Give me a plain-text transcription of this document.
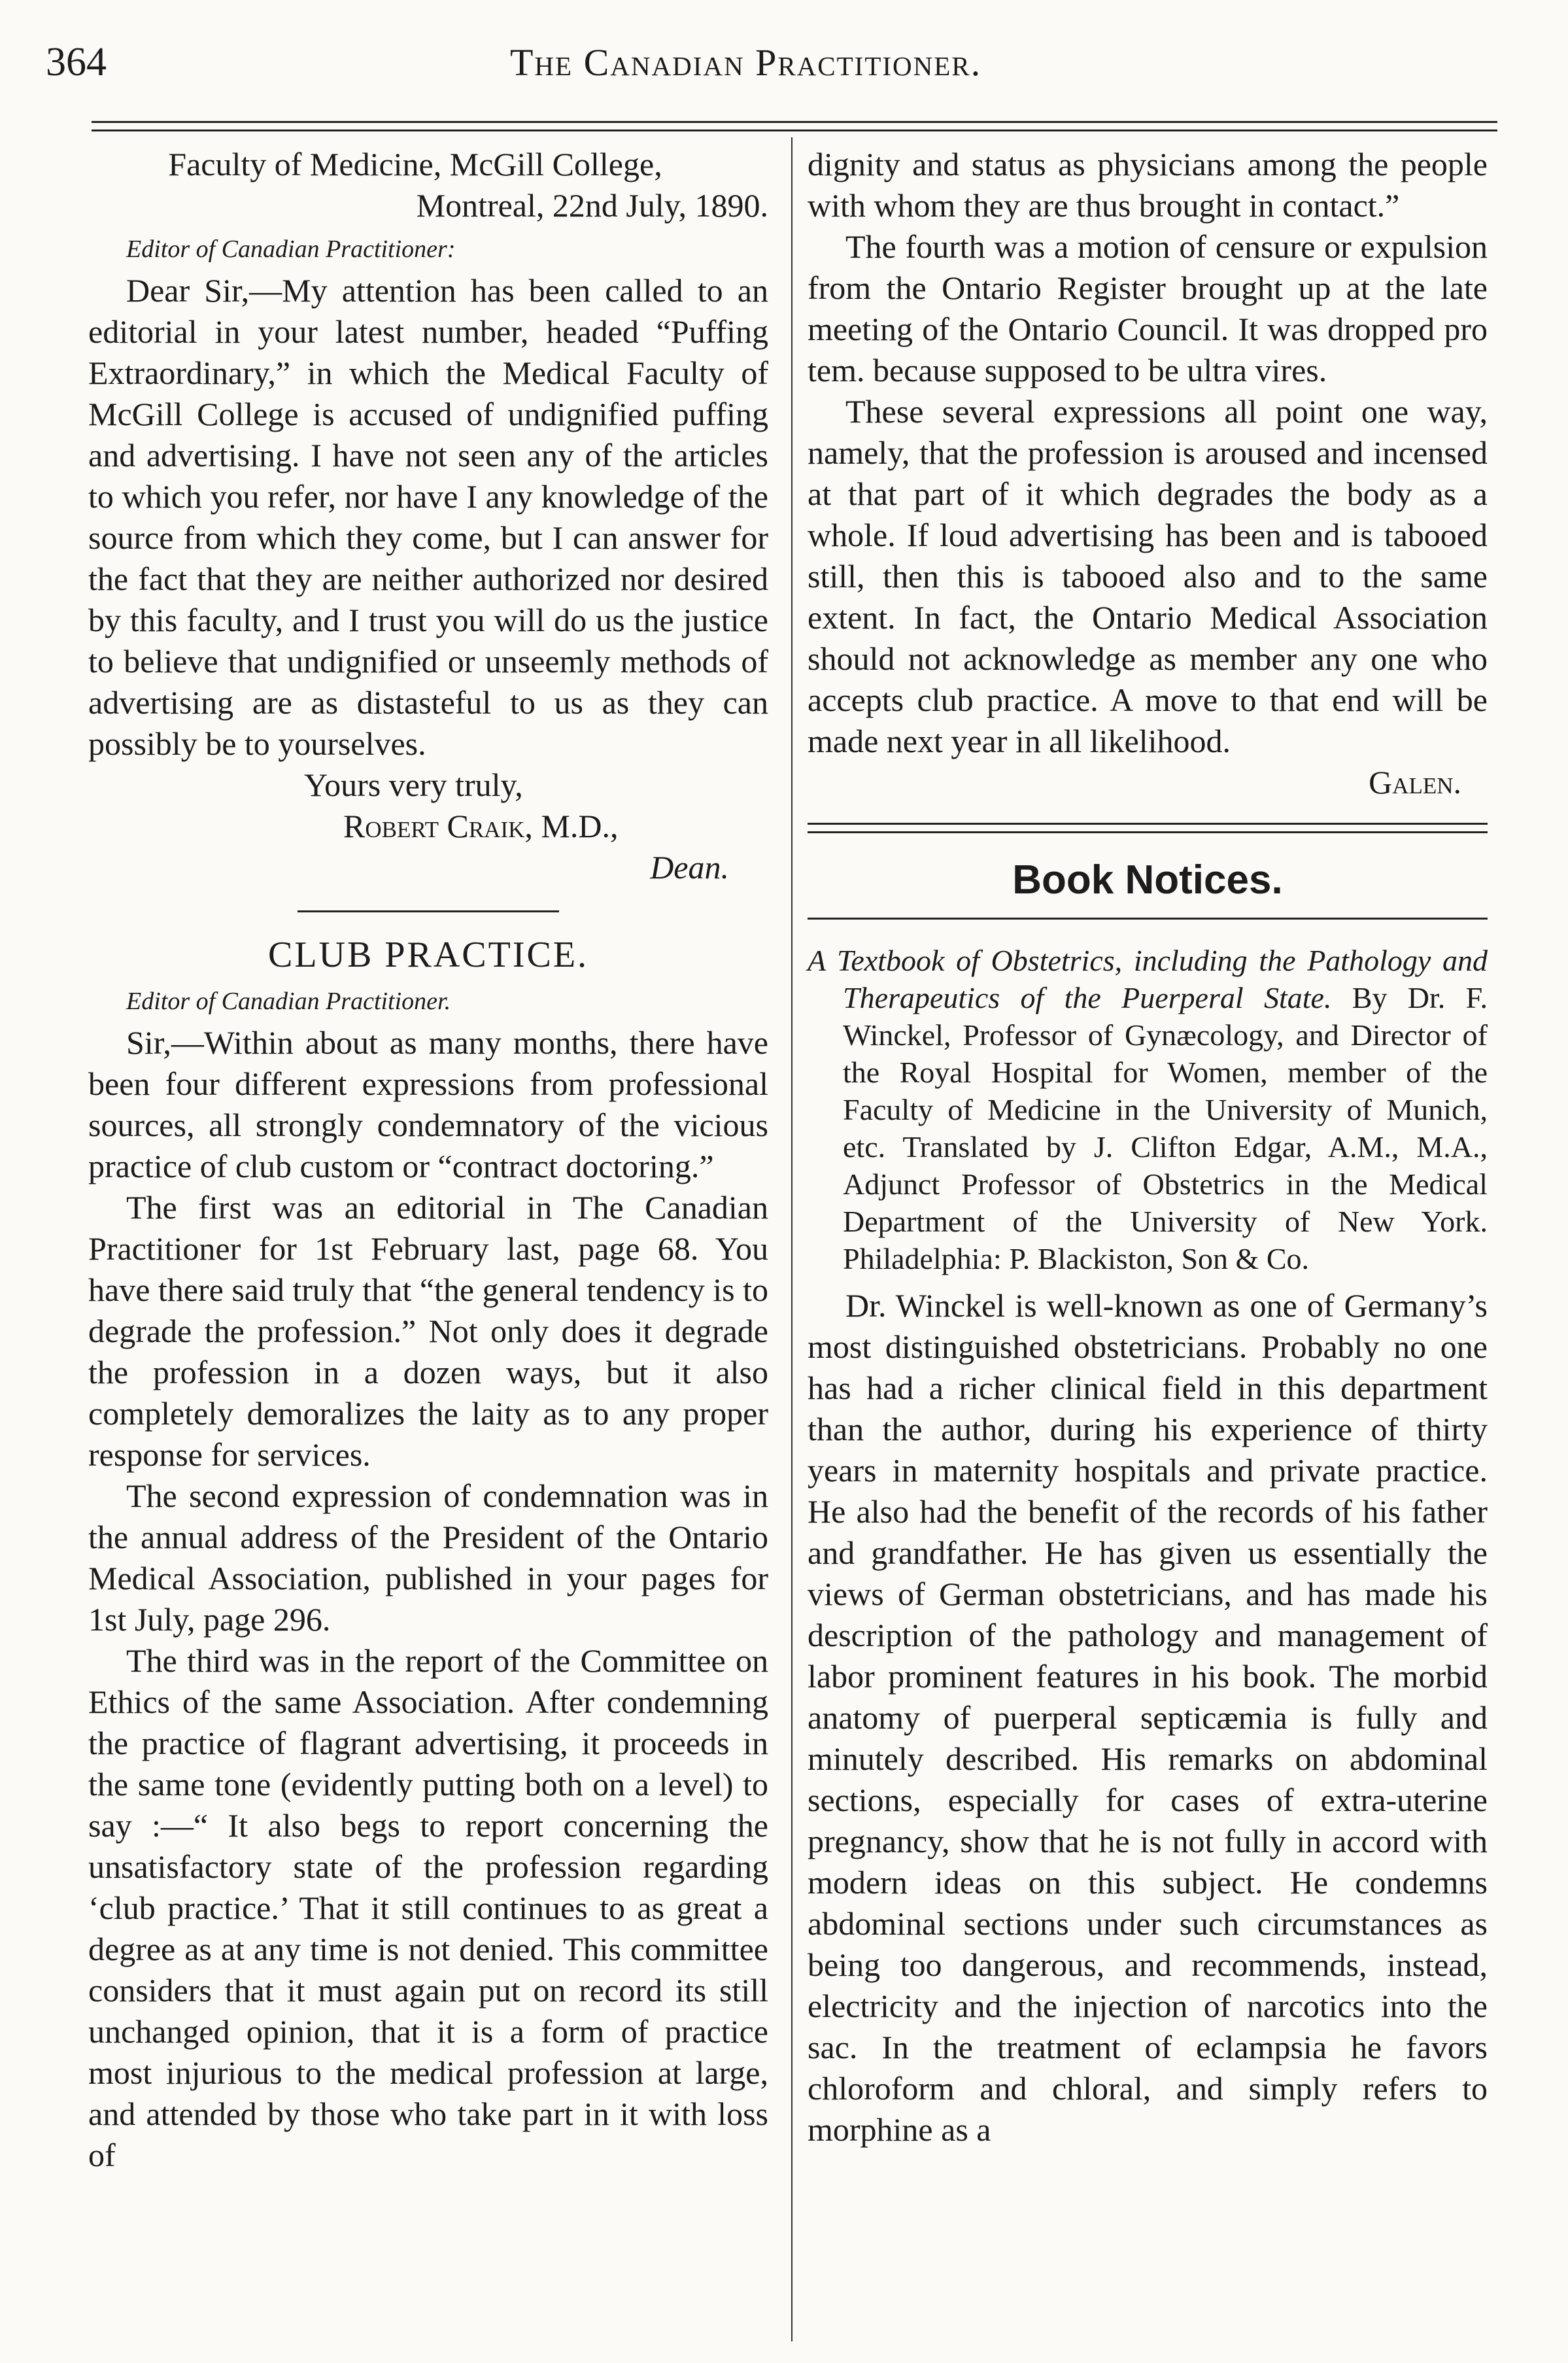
364	The Canadian Practitioner.

Faculty of Medicine, McGill College,

Montreal, 22nd July, 1890.

Editor of Canadian Practitioner:

Dear Sir,—My attention has been called to an editorial in your latest number, headed “Puffing Extraordinary,” in which the Medical Faculty of McGill College is accused of undignified puffing and advertising. I have not seen any of the articles to which you refer, nor have I any knowledge of the source from which they come, but I can answer for the fact that they are neither authorized nor desired by this faculty, and I trust you will do us the justice to believe that undignified or unseemly methods of advertising are as distasteful to us as they can possibly be to yourselves.

Yours very truly,

Robert Craik, M.D.,

Dean.

CLUB PRACTICE.

Editor of Canadian Practitioner.

Sir,—Within about as many months, there have been four different expressions from professional sources, all strongly condemnatory of the vicious practice of club custom or “contract doctoring.”

The first was an editorial in The Canadian Practitioner for 1st February last, page 68. You have there said truly that “the general tendency is to degrade the profession.” Not only does it degrade the profession in a dozen ways, but it also completely demoralizes the laity as to any proper response for services.

The second expression of condemnation was in the annual address of the President of the Ontario Medical Association, published in your pages for 1st July, page 296.

The third was in the report of the Committee on Ethics of the same Association. After condemning the practice of flagrant advertising, it proceeds in the same tone (evidently putting both on a level) to say :—“ It also begs to report concerning the unsatisfactory state of the profession regarding ‘club practice.’ That it still continues to as great a degree as at any time is not denied. This committee considers that it must again put on record its still unchanged opinion, that it is a form of practice most injurious to the medical profession at large, and attended by those who take part in it with loss of

dignity and status as physicians among the people with whom they are thus brought in contact.”

The fourth was a motion of censure or expulsion from the Ontario Register brought up at the late meeting of the Ontario Council. It was dropped pro tem. because supposed to be ultra vires.

These several expressions all point one way, namely, that the profession is aroused and incensed at that part of it which degrades the body as a whole. If loud advertising has been and is tabooed still, then this is tabooed also and to the same extent. In fact, the Ontario Medical Association should not acknowledge as member any one who accepts club practice. A move to that end will be made next year in all likelihood.

Galen.

Book Notices.

A Textbook of Obstetrics, including the Pathology and Therapeutics of the Puerperal State. By Dr. F. Winckel, Professor of Gynæcology, and Director of the Royal Hospital for Women, member of the Faculty of Medicine in the University of Munich, etc. Translated by J. Clifton Edgar, A.M., M.A., Adjunct Professor of Obstetrics in the Medical Department of the University of New York. Philadelphia: P. Blackiston, Son & Co.

Dr. Winckel is well-known as one of Germany’s most distinguished obstetricians. Probably no one has had a richer clinical field in this department than the author, during his experience of thirty years in maternity hospitals and private practice. He also had the benefit of the records of his father and grandfather. He has given us essentially the views of German obstetricians, and has made his description of the pathology and management of labor prominent features in his book. The morbid anatomy of puerperal septicæmia is fully and minutely described. His remarks on abdominal sections, especially for cases of extra-uterine pregnancy, show that he is not fully in accord with modern ideas on this subject. He condemns abdominal sections under such circumstances as being too dangerous, and recommends, instead, electricity and the injection of narcotics into the sac. In the treatment of eclampsia he favors chloroform and chloral, and simply refers to morphine as a
